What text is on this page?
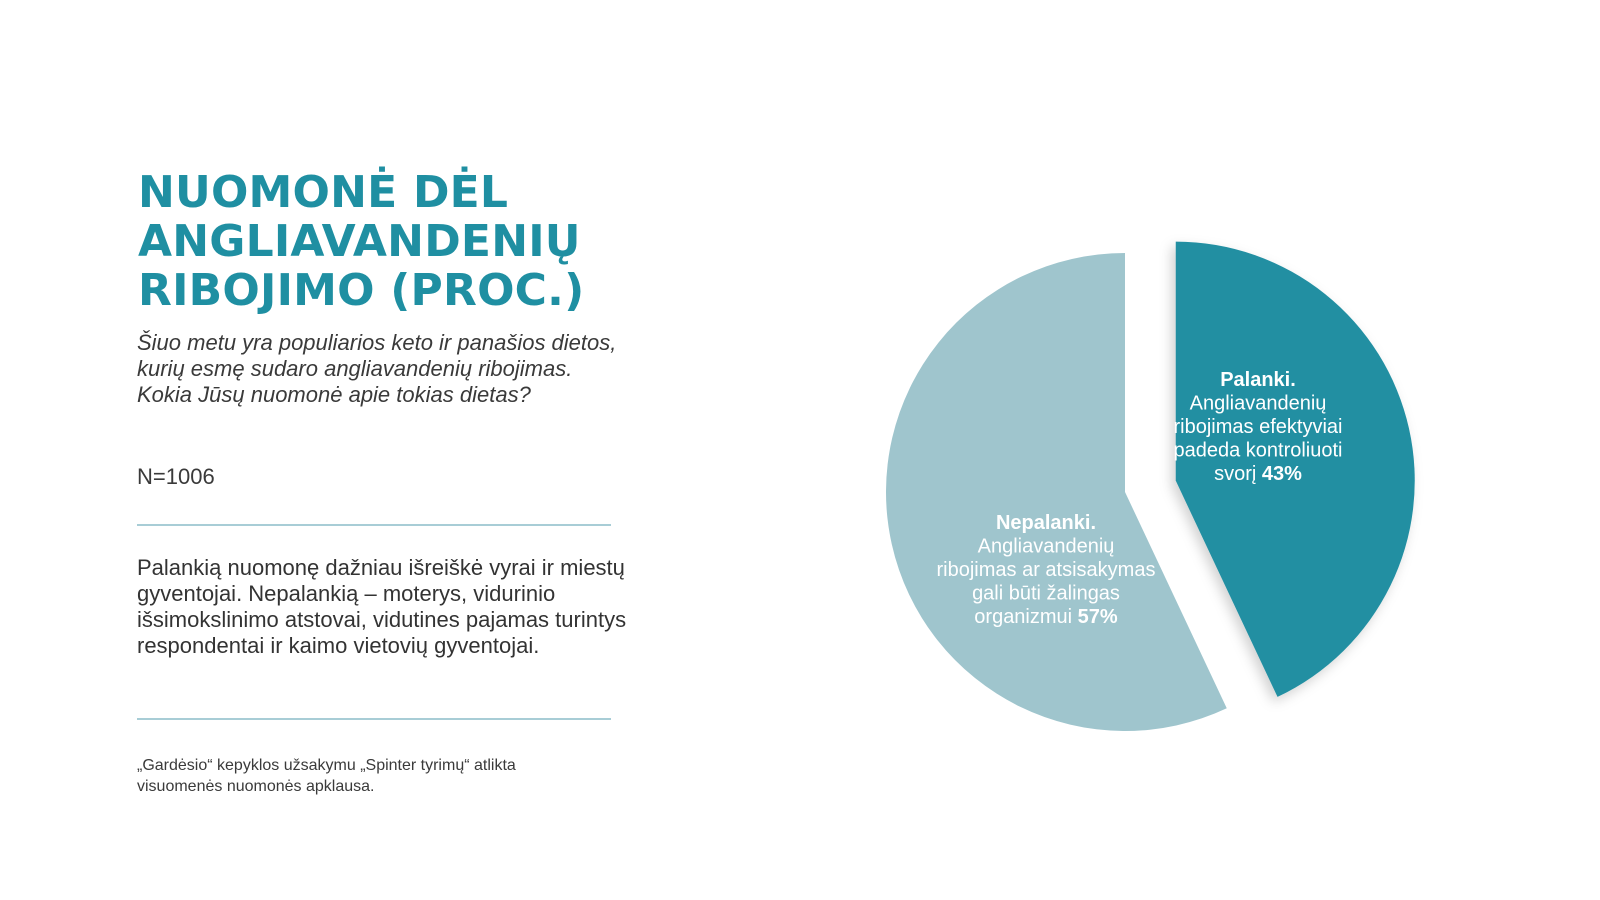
NUOMONĖ DĖL ANGLIAVANDENIŲ
RIBOJIMO (PROC.)

Šiuo metu yra populiarios keto ir panašios dietos, kurių esmę sudaro angliavandenių ribojimas. Kokia Jūsų nuomonė apie tokias dietas?

N=1006

Palankią nuomonę dažniau išreiškė vyrai ir miestų gyventojai. Nepalankią – moterys, vidurinio išsimokslinimo atstovai, vidutines pajamas turintys respondentai ir kaimo vietovių gyventojai.

„Gardėsio“ kepyklos užsakymu „Spinter tyrimų“ atlikta visuomenės nuomonės apklausa.

Palanki. Angliavandenių ribojimas efektyviai padeda kontroliuoti svorį 43%
Nepalanki. Angliavandenių ribojimas ar atsisakymas gali būti žalingas organizmui 57%
